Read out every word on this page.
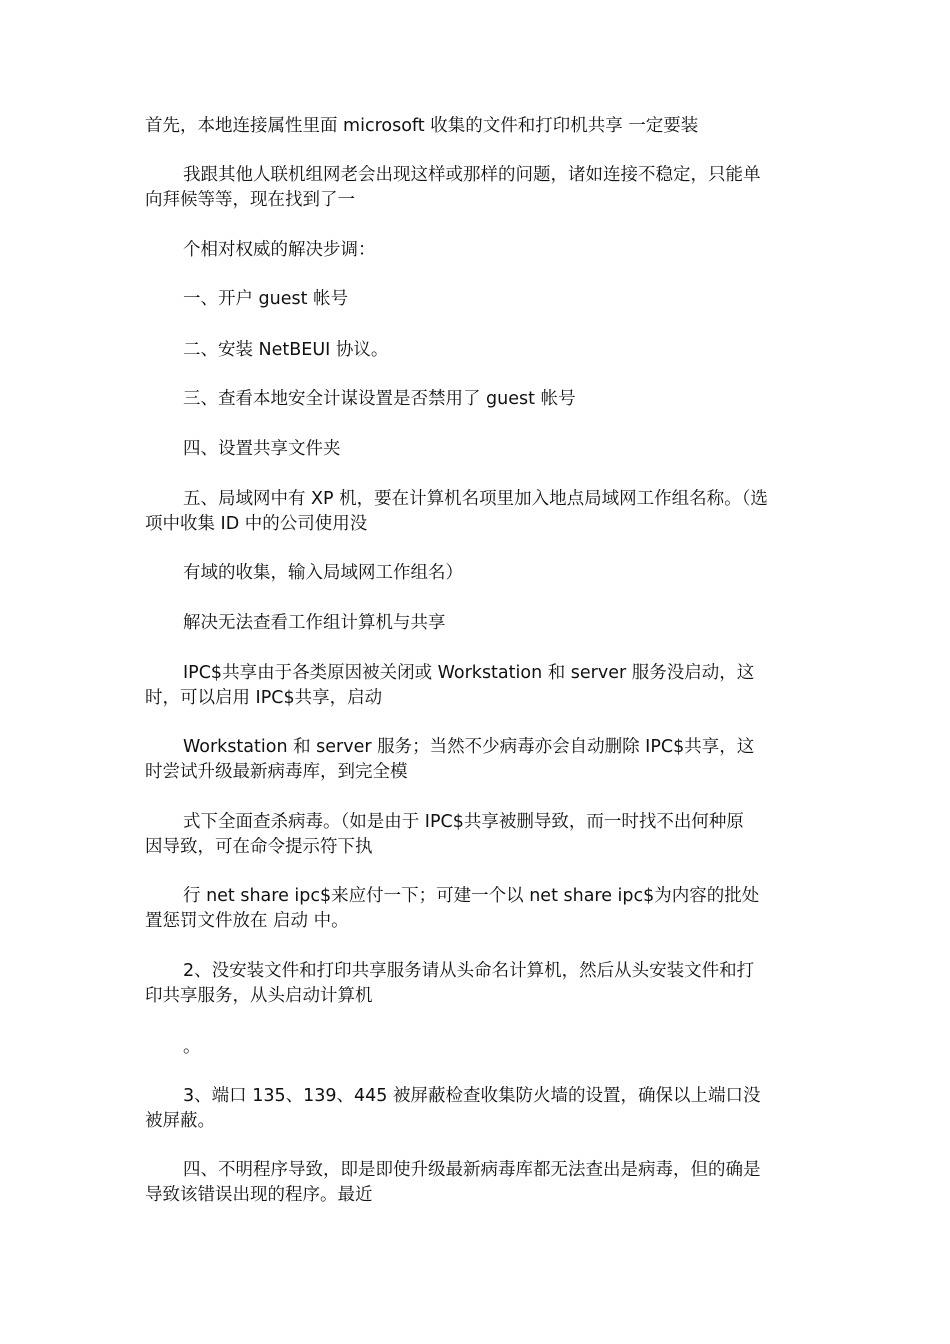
首先，本地连接属性里面 microsoft 收集的文件和打印机共享 一定要装

我跟其他人联机组网老会出现这样或那样的问题，诸如连接不稳定，只能单
向拜候等等，现在找到了一

个相对权威的解决步调：

一、开户 guest 帐号

二、安装 NetBEUI 协议。

三、查看本地安全计谋设置是否禁用了 guest 帐号

四、设置共享文件夹

五、局域网中有 XP 机，要在计算机名项里加入地点局域网工作组名称。（选
项中收集 ID 中的公司使用没

有域的收集，输入局域网工作组名）

解决无法查看工作组计算机与共享

IPC$共享由于各类原因被关闭或 Workstation 和 server 服务没启动，这
时，可以启用 IPC$共享，启动

Workstation 和 server 服务；当然不少病毒亦会自动删除 IPC$共享，这
时尝试升级最新病毒库，到完全模

式下全面查杀病毒。（如是由于 IPC$共享被删导致，而一时找不出何种原
因导致，可在命令提示符下执

行 net share ipc$来应付一下；可建一个以 net share ipc$为内容的批处
置惩罚文件放在 启动 中。

2、没安装文件和打印共享服务请从头命名计算机，然后从头安装文件和打
印共享服务，从头启动计算机

。

3、端口 135、139、445 被屏蔽检查收集防火墙的设置，确保以上端口没
被屏蔽。

四、不明程序导致，即是即使升级最新病毒库都无法查出是病毒，但的确是
导致该错误出现的程序。最近
